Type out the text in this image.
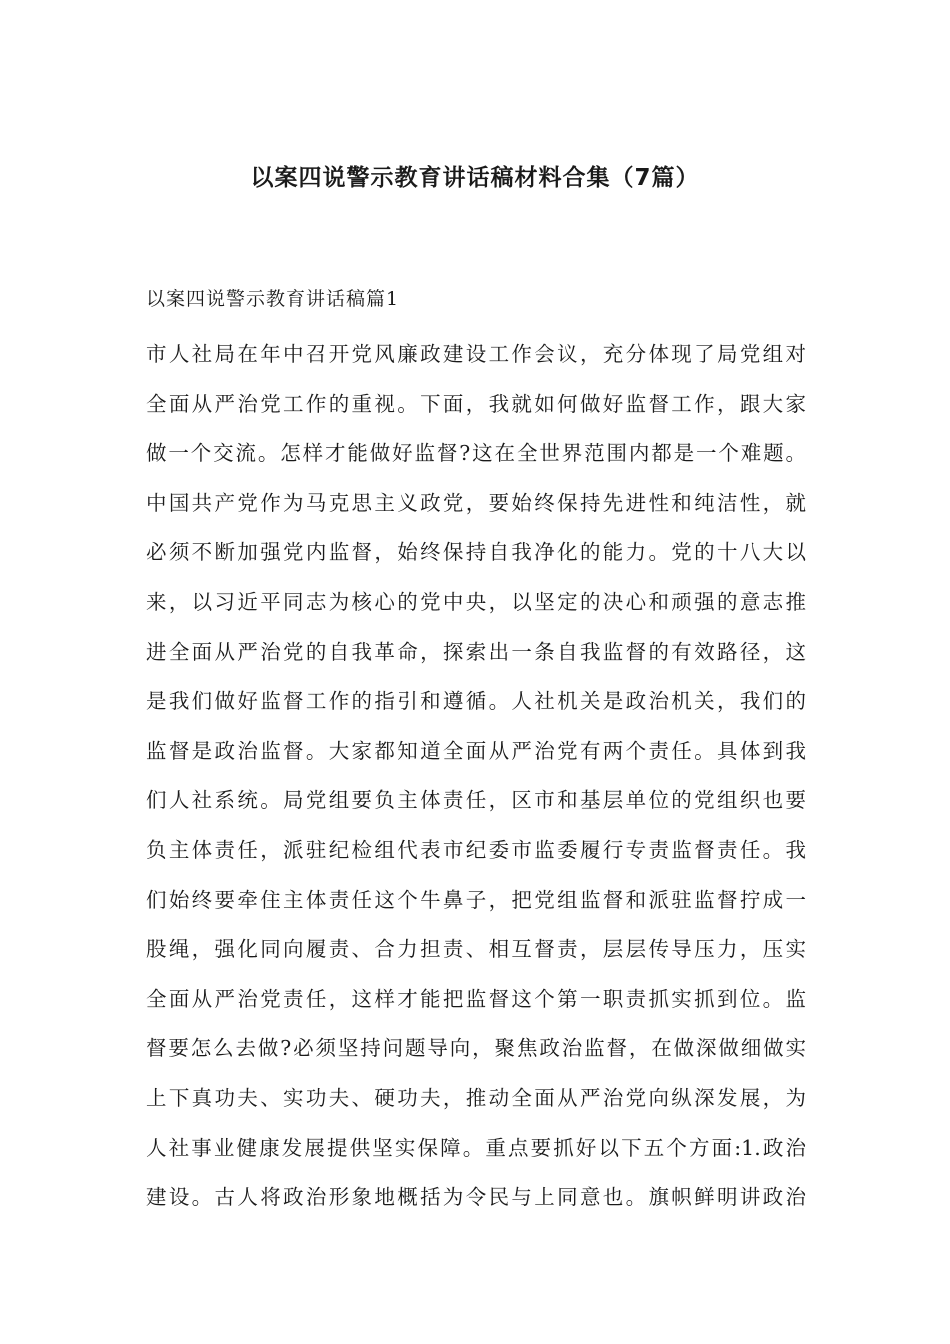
以案四说警示教育讲话稿材料合集（7篇）
以案四说警示教育讲话稿篇1
市人社局在年中召开党风廉政建设工作会议，充分体现了局党组对
全面从严治党工作的重视。下面，我就如何做好监督工作，跟大家
做一个交流。怎样才能做好监督?这在全世界范围内都是一个难题。
中国共产党作为马克思主义政党，要始终保持先进性和纯洁性，就
必须不断加强党内监督，始终保持自我净化的能力。党的十八大以
来，以习近平同志为核心的党中央，以坚定的决心和顽强的意志推
进全面从严治党的自我革命，探索出一条自我监督的有效路径，这
是我们做好监督工作的指引和遵循。人社机关是政治机关，我们的
监督是政治监督。大家都知道全面从严治党有两个责任。具体到我
们人社系统。局党组要负主体责任，区市和基层单位的党组织也要
负主体责任，派驻纪检组代表市纪委市监委履行专责监督责任。我
们始终要牵住主体责任这个牛鼻子，把党组监督和派驻监督拧成一
股绳，强化同向履责、合力担责、相互督责，层层传导压力，压实
全面从严治党责任，这样才能把监督这个第一职责抓实抓到位。监
督要怎么去做?必须坚持问题导向，聚焦政治监督，在做深做细做实
上下真功夫、实功夫、硬功夫，推动全面从严治党向纵深发展，为
人社事业健康发展提供坚实保障。重点要抓好以下五个方面:1.政治
建设。古人将政治形象地概括为令民与上同意也。旗帜鲜明讲政治
